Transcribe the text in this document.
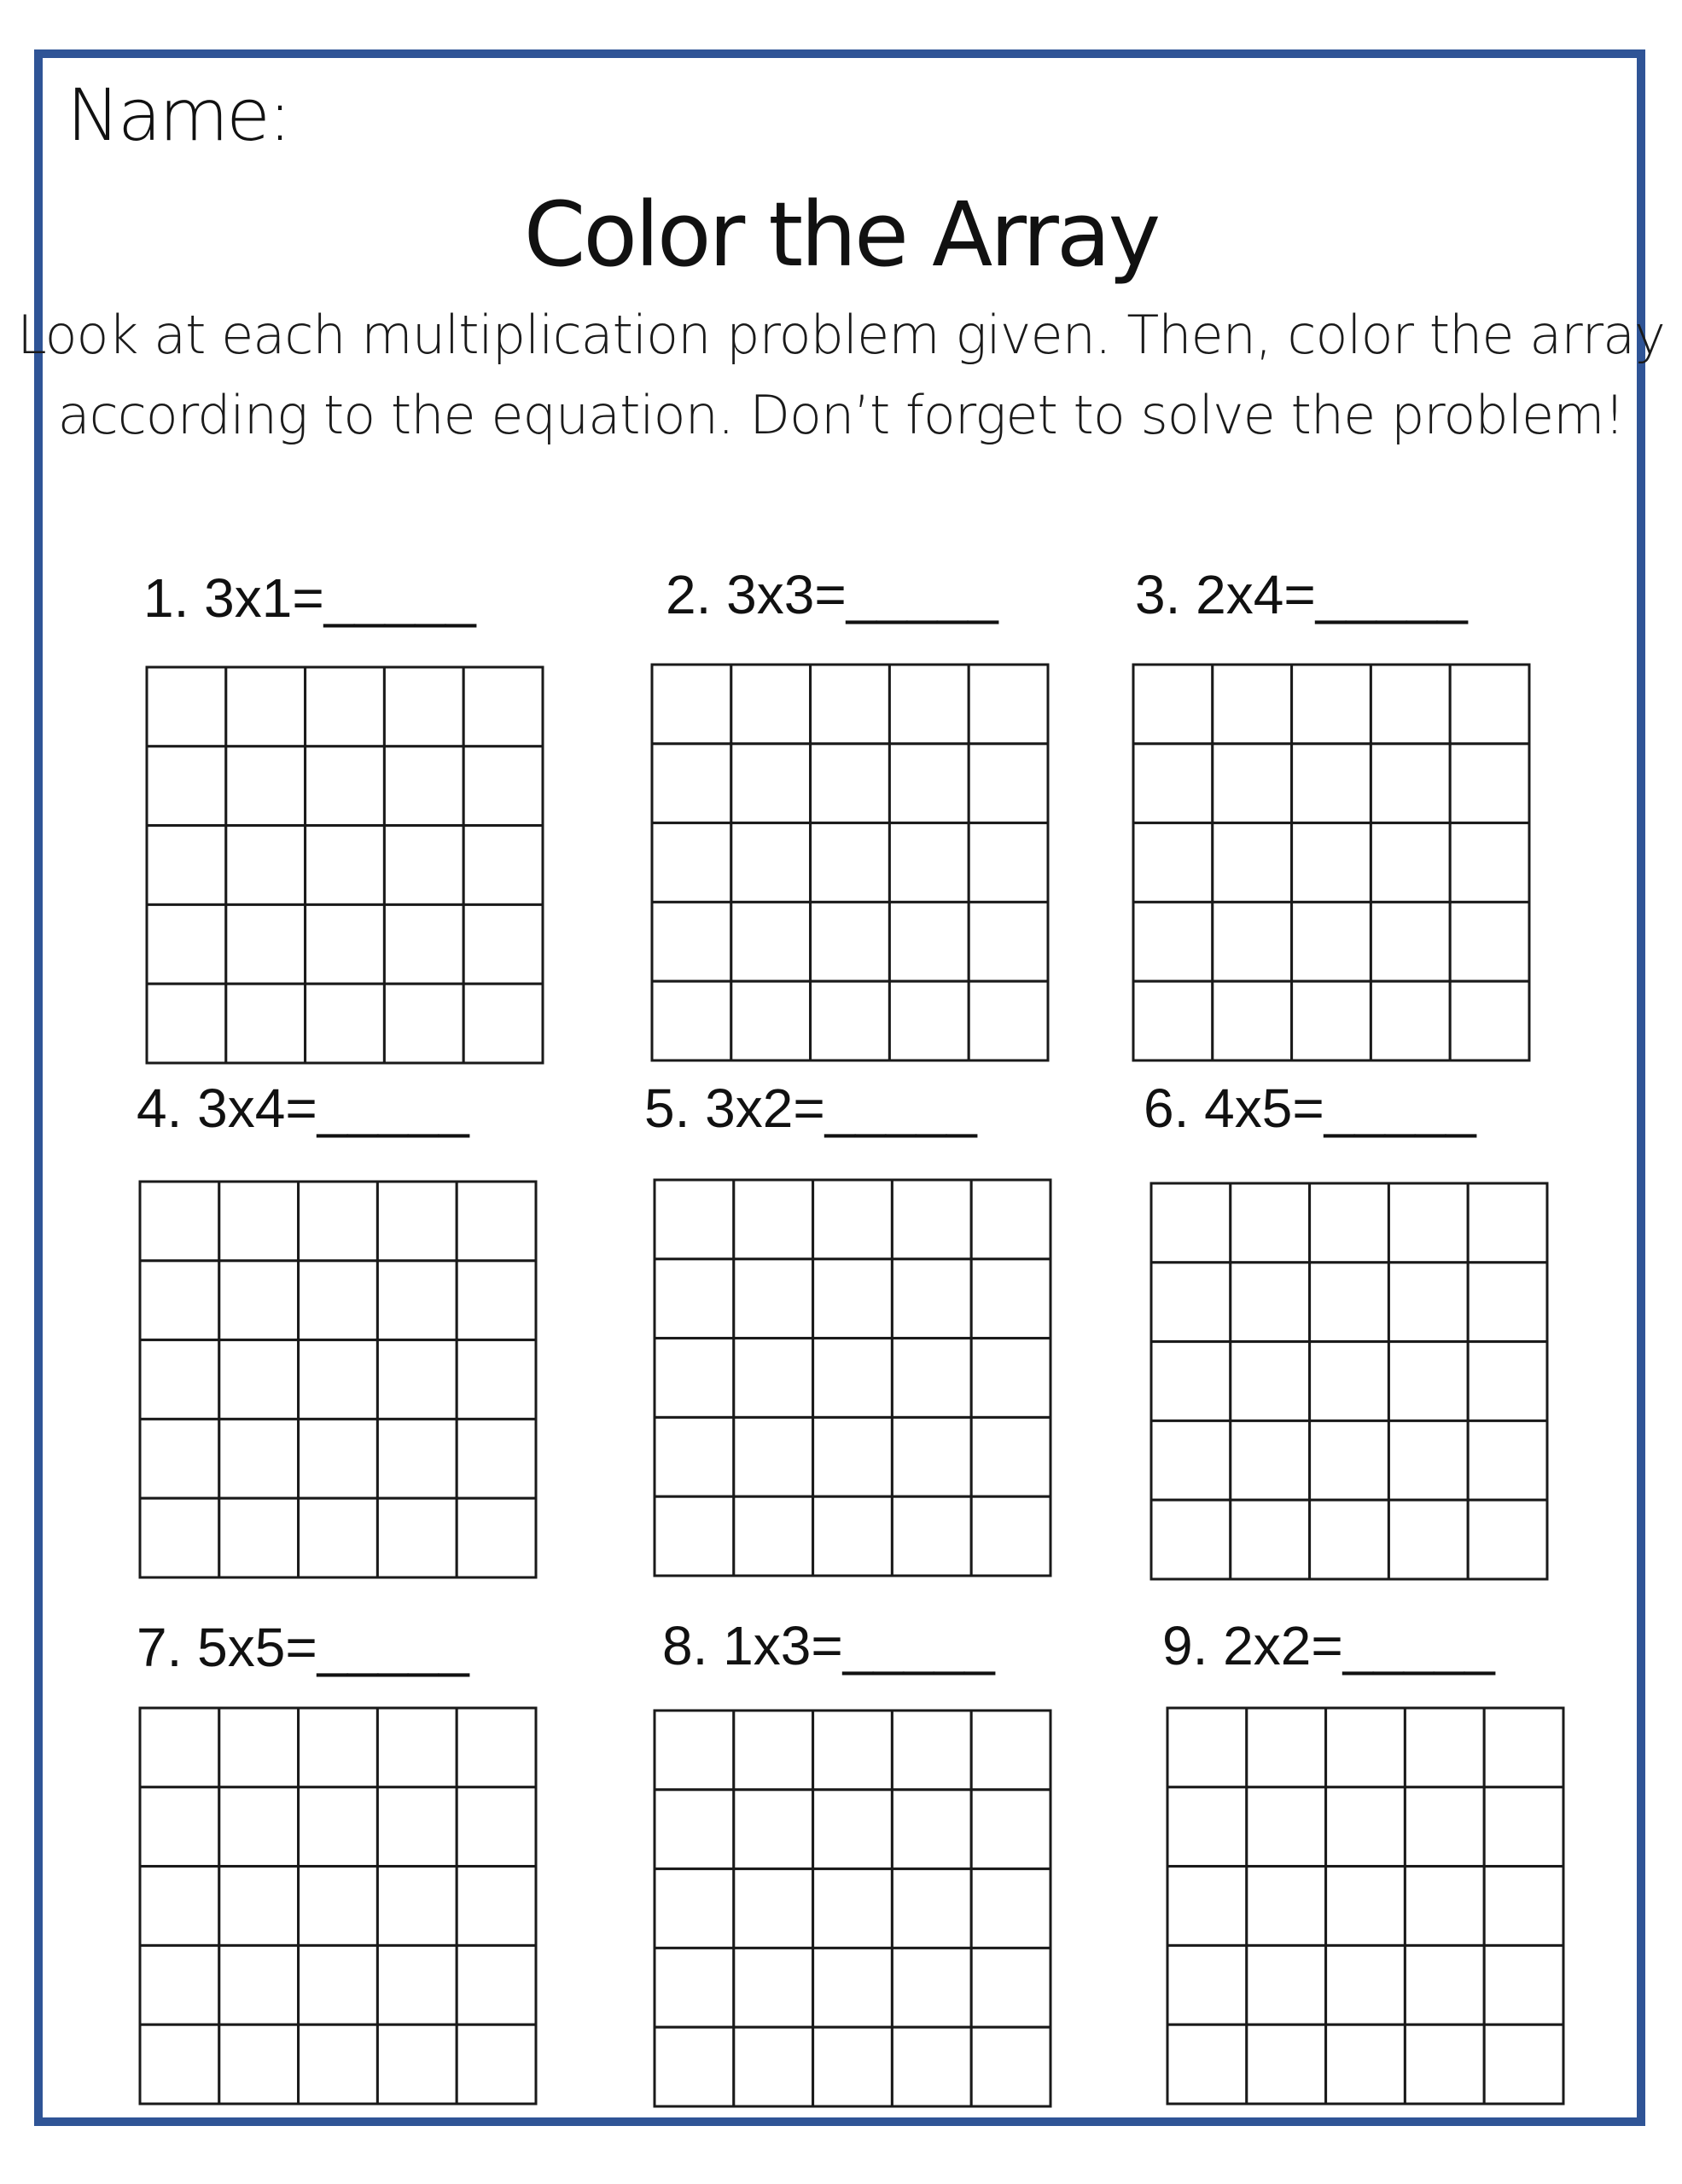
Name:

Color the Array

Look at each multiplication problem given. Then, color the array

according to the equation. Don’t forget to solve the problem!

1. 3x1=_____	2. 3x3=_____	3. 2x4=_____
4. 3x4=_____	5. 3x2=_____	6. 4x5=_____
7. 5x5=_____	8. 1x3=_____	9. 2x2=_____
